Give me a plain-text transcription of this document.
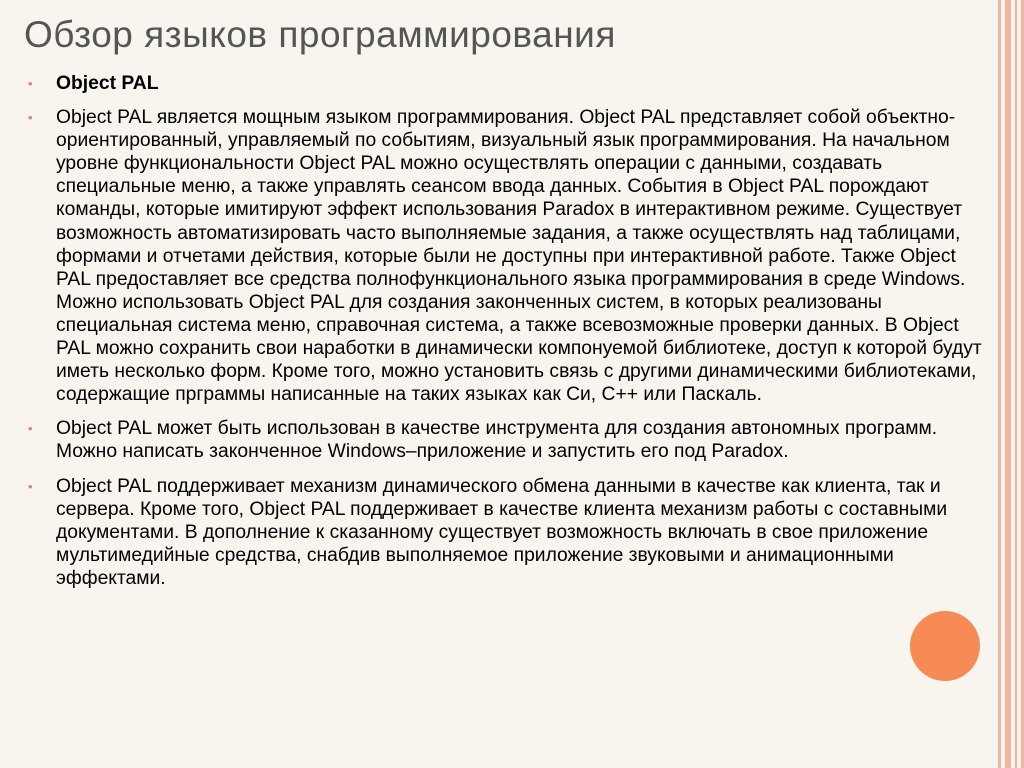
Обзор языков программирования
• Object PAL
• Object PAL является мощным языком программирования. Object PAL представляет собой объектно-ориентированный, управляемый по событиям, визуальный язык программирования. На начальном уровне функциональности Object PAL можно осуществлять операции с данными, создавать специальные меню, а также управлять сеансом ввода данных. События в Object PAL порождают команды, которые имитируют эффект использования Paradox в интерактивном режиме. Существует возможность автоматизировать часто выполняемые задания, а также осуществлять над таблицами, формами и отчетами действия, которые были не доступны при интерактивной работе. Также Object PAL предоставляет все средства полнофункционального языка программирования в среде Windows. Можно использовать Object PAL для создания законченных систем, в которых реализованы специальная система меню, справочная система, а также всевозможные проверки данных. В Object PAL можно сохранить свои наработки в динамически компонуемой библиотеке, доступ к которой будут иметь несколько форм. Кроме того, можно установить связь с другими динамическими библиотеками, содержащие прграммы написанные на таких языках как Си, С++ или Паскаль.
• Object PAL может быть использован в качестве инструмента для создания автономных программ. Можно написать законченное Windows–приложение и запустить его под Paradox.
• Object PAL поддерживает механизм динамического обмена данными в качестве как клиента, так и сервера. Кроме того, Object PAL поддерживает в качестве клиента механизм работы с составными документами. В дополнение к сказанному существует возможность включать в свое приложение мультимедийные средства, снабдив выполняемое приложение звуковыми и анимационными эффектами.
